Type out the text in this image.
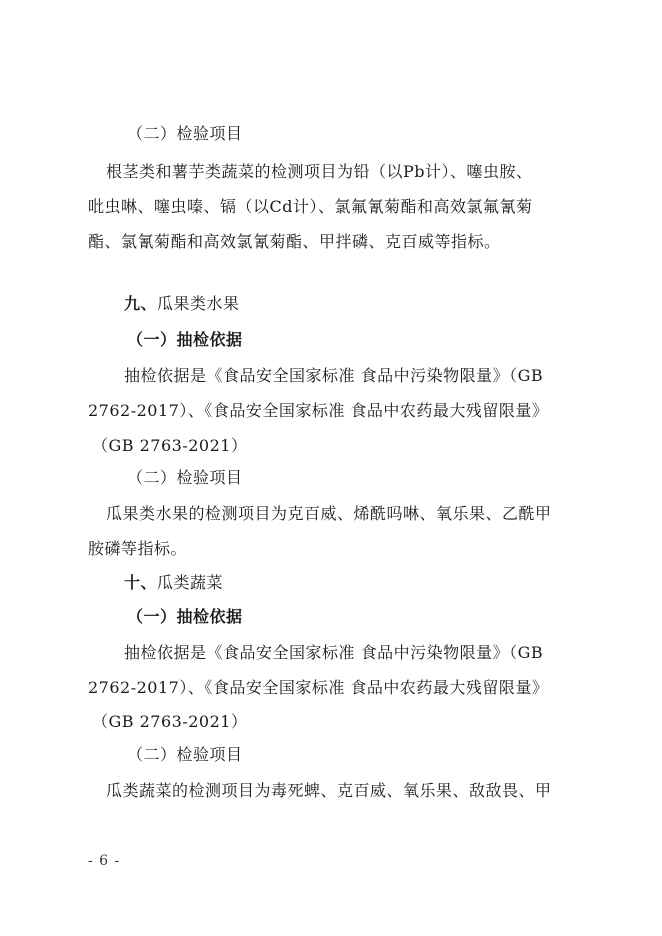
（二）检验项目
根茎类和薯芋类蔬菜的检测项目为铅（以Pb计）、噻虫胺、
吡虫啉、噻虫嗪、镉（以Cd计）、氯氟氰菊酯和高效氯氟氰菊
酯、氯氰菊酯和高效氯氰菊酯、甲拌磷、克百威等指标。
九、瓜果类水果
（一）抽检依据
抽检依据是《食品安全国家标准 食品中污染物限量》（GB
2762-2017）、《食品安全国家标准 食品中农药最大残留限量》
（GB 2763-2021）
（二）检验项目
瓜果类水果的检测项目为克百威、烯酰吗啉、氧乐果、乙酰甲
胺磷等指标。
十、瓜类蔬菜
（一）抽检依据
抽检依据是《食品安全国家标准 食品中污染物限量》（GB
2762-2017）、《食品安全国家标准 食品中农药最大残留限量》
（GB 2763-2021）
（二）检验项目
瓜类蔬菜的检测项目为毒死蜱、克百威、氧乐果、敌敌畏、甲
- 6 -
